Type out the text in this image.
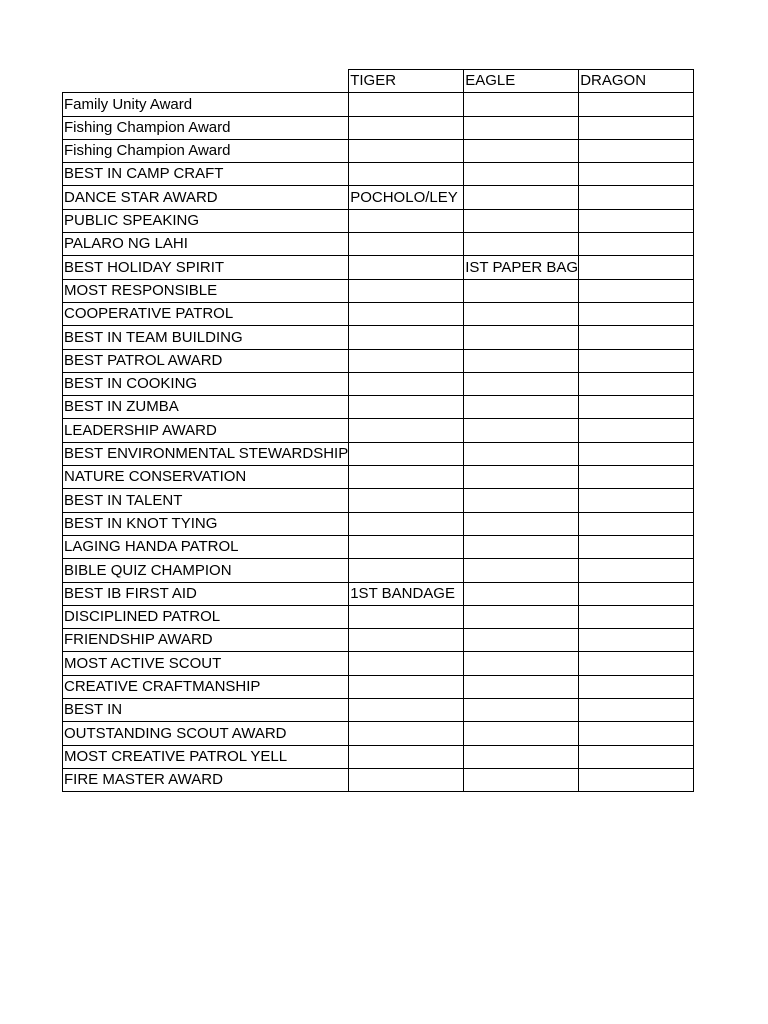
	TIGER	EAGLE	DRAGON
Family Unity Award			
Fishing Champion Award			
Fishing Champion Award			
BEST IN CAMP CRAFT			
DANCE STAR AWARD	POCHOLO/LEY		
PUBLIC SPEAKING			
PALARO NG LAHI			
BEST HOLIDAY SPIRIT		IST PAPER BAG	
MOST RESPONSIBLE			
COOPERATIVE PATROL			
BEST IN TEAM BUILDING			
BEST PATROL AWARD			
BEST IN COOKING			
BEST IN ZUMBA			
LEADERSHIP AWARD			
BEST ENVIRONMENTAL STEWARDSHIP			
NATURE CONSERVATION			
BEST IN TALENT			
BEST IN KNOT TYING			
LAGING HANDA PATROL			
BIBLE QUIZ CHAMPION			
BEST IB FIRST AID	1ST BANDAGE		
DISCIPLINED PATROL			
FRIENDSHIP AWARD			
MOST ACTIVE SCOUT			
CREATIVE CRAFTMANSHIP			
BEST IN			
OUTSTANDING SCOUT AWARD			
MOST CREATIVE PATROL YELL			
FIRE MASTER AWARD			
